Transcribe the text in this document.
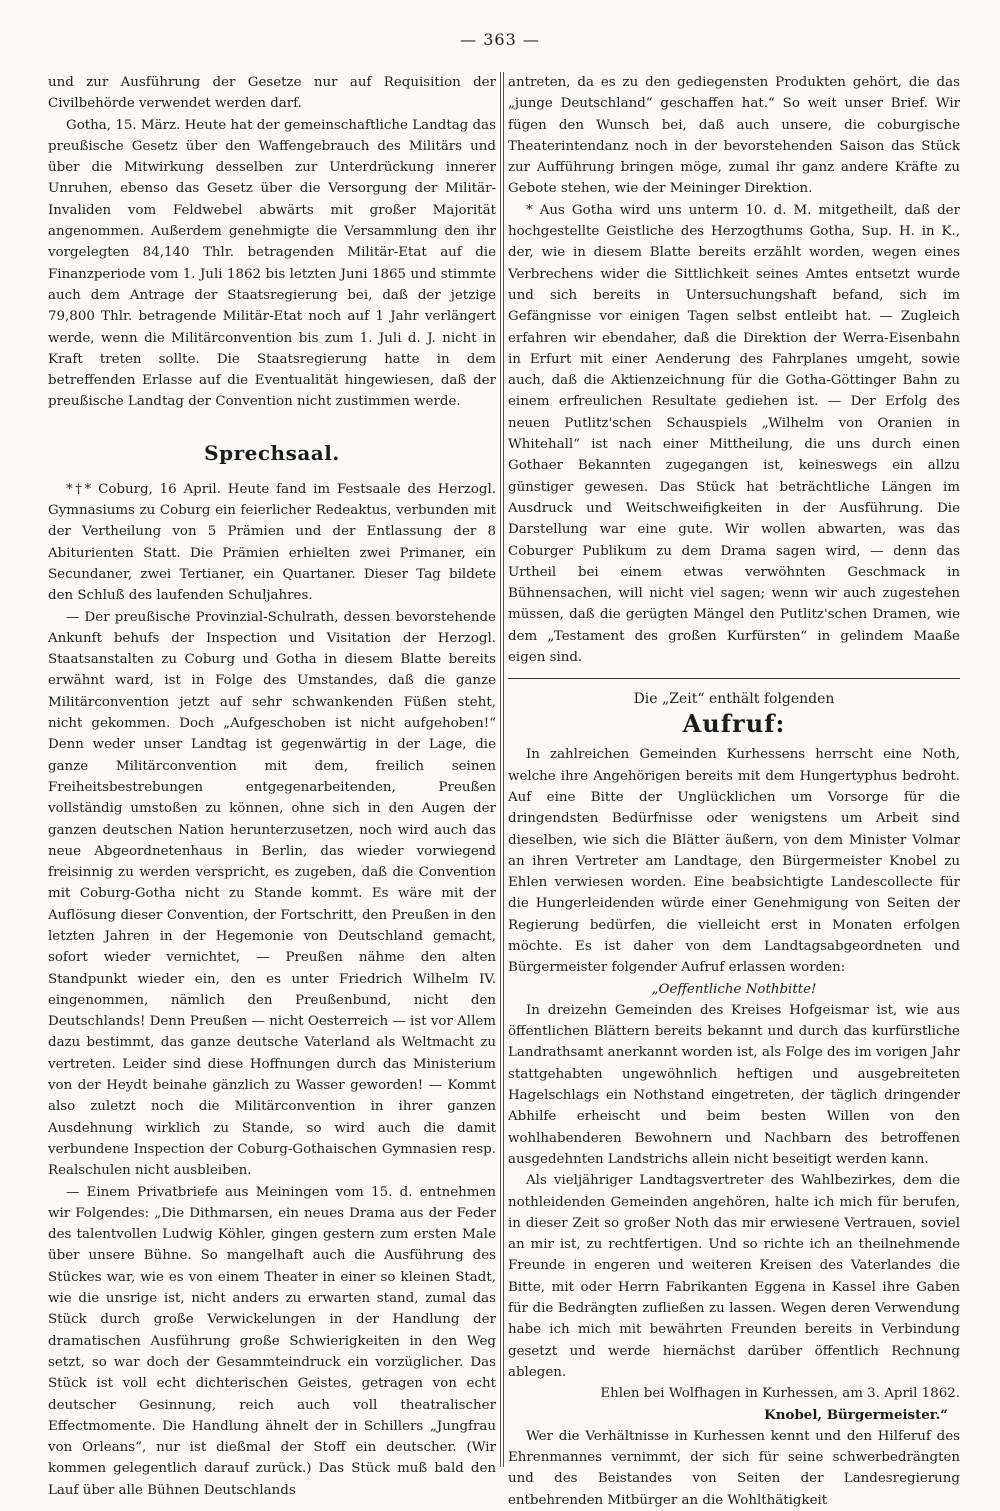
— 363 —

und zur Ausführung der Gesetze nur auf Requisition der Civilbehörde verwendet werden darf.

Gotha, 15. März. Heute hat der gemeinschaftliche Landtag das preußische Gesetz über den Waffengebrauch des Militärs und über die Mitwirkung desselben zur Unterdrückung innerer Unruhen, ebenso das Gesetz über die Versorgung der Militär-Invaliden vom Feldwebel abwärts mit großer Majorität angenommen. Außerdem genehmigte die Versammlung den ihr vorgelegten 84,140 Thlr. betragenden Militär-Etat auf die Finanzperiode vom 1. Juli 1862 bis letzten Juni 1865 und stimmte auch dem Antrage der Staatsregierung bei, daß der jetzige 79,800 Thlr. betragende Militär-Etat noch auf 1 Jahr verlängert werde, wenn die Militärconvention bis zum 1. Juli d. J. nicht in Kraft treten sollte. Die Staatsregierung hatte in dem betreffenden Erlasse auf die Eventualität hingewiesen, daß der preußische Landtag der Convention nicht zustimmen werde.

Sprechsaal.

*†* Coburg, 16 April. Heute fand im Festsaale des Herzogl. Gymnasiums zu Coburg ein feierlicher Redeaktus, verbunden mit der Vertheilung von 5 Prämien und der Entlassung der 8 Abiturienten Statt. Die Prämien erhielten zwei Primaner, ein Secundaner, zwei Tertianer, ein Quartaner. Dieser Tag bildete den Schluß des laufenden Schuljahres.

— Der preußische Provinzial-Schulrath, dessen bevorstehende Ankunft behufs der Inspection und Visitation der Herzogl. Staatsanstalten zu Coburg und Gotha in diesem Blatte bereits erwähnt ward, ist in Folge des Umstandes, daß die ganze Militärconvention jetzt auf sehr schwankenden Füßen steht, nicht gekommen. Doch „Aufgeschoben ist nicht aufgehoben!“ Denn weder unser Landtag ist gegenwärtig in der Lage, die ganze Militärconvention mit dem, freilich seinen Freiheitsbestrebungen entgegenarbeitenden, Preußen vollständig umstoßen zu können, ohne sich in den Augen der ganzen deutschen Nation herunterzusetzen, noch wird auch das neue Abgeordnetenhaus in Berlin, das wieder vorwiegend freisinnig zu werden verspricht, es zugeben, daß die Convention mit Coburg-Gotha nicht zu Stande kommt. Es wäre mit der Auflösung dieser Convention, der Fortschritt, den Preußen in den letzten Jahren in der Hegemonie von Deutschland gemacht, sofort wieder vernichtet, — Preußen nähme den alten Standpunkt wieder ein, den es unter Friedrich Wilhelm IV. eingenommen, nämlich den Preußenbund, nicht den Deutschlands! Denn Preußen — nicht Oesterreich — ist vor Allem dazu bestimmt, das ganze deutsche Vaterland als Weltmacht zu vertreten. Leider sind diese Hoffnungen durch das Ministerium von der Heydt beinahe gänzlich zu Wasser geworden! — Kommt also zuletzt noch die Militärconvention in ihrer ganzen Ausdehnung wirklich zu Stande, so wird auch die damit verbundene Inspection der Coburg-Gothaischen Gymnasien resp. Realschulen nicht ausbleiben.

— Einem Privatbriefe aus Meiningen vom 15. d. entnehmen wir Folgendes: „Die Dithmarsen, ein neues Drama aus der Feder des talentvollen Ludwig Köhler, gingen gestern zum ersten Male über unsere Bühne. So mangelhaft auch die Ausführung des Stückes war, wie es von einem Theater in einer so kleinen Stadt, wie die unsrige ist, nicht anders zu erwarten stand, zumal das Stück durch große Verwickelungen in der Handlung der dramatischen Ausführung große Schwierigkeiten in den Weg setzt, so war doch der Gesammteindruck ein vorzüglicher. Das Stück ist voll echt dichterischen Geistes, getragen von echt deutscher Gesinnung, reich auch voll theatralischer Effectmomente. Die Handlung ähnelt der in Schillers „Jungfrau von Orleans“, nur ist dießmal der Stoff ein deutscher. (Wir kommen gelegentlich darauf zurück.) Das Stück muß bald den Lauf über alle Bühnen Deutschlands

antreten, da es zu den gediegensten Produkten gehört, die das „junge Deutschland“ geschaffen hat.“ So weit unser Brief. Wir fügen den Wunsch bei, daß auch unsere, die coburgische Theaterintendanz noch in der bevorstehenden Saison das Stück zur Aufführung bringen möge, zumal ihr ganz andere Kräfte zu Gebote stehen, wie der Meininger Direktion.

* Aus Gotha wird uns unterm 10. d. M. mitgetheilt, daß der hochgestellte Geistliche des Herzogthums Gotha, Sup. H. in K., der, wie in diesem Blatte bereits erzählt worden, wegen eines Verbrechens wider die Sittlichkeit seines Amtes entsetzt wurde und sich bereits in Untersuchungshaft befand, sich im Gefängnisse vor einigen Tagen selbst entleibt hat. — Zugleich erfahren wir ebendaher, daß die Direktion der Werra-Eisenbahn in Erfurt mit einer Aenderung des Fahrplanes umgeht, sowie auch, daß die Aktienzeichnung für die Gotha-Göttinger Bahn zu einem erfreulichen Resultate gediehen ist. — Der Erfolg des neuen Putlitz'schen Schauspiels „Wilhelm von Oranien in Whitehall“ ist nach einer Mittheilung, die uns durch einen Gothaer Bekannten zugegangen ist, keineswegs ein allzu günstiger gewesen. Das Stück hat beträchtliche Längen im Ausdruck und Weitschweifigkeiten in der Ausführung. Die Darstellung war eine gute. Wir wollen abwarten, was das Coburger Publikum zu dem Drama sagen wird, — denn das Urtheil bei einem etwas verwöhnten Geschmack in Bühnensachen, will nicht viel sagen; wenn wir auch zugestehen müssen, daß die gerügten Mängel den Putlitz'schen Dramen, wie dem „Testament des großen Kurfürsten“ in gelindem Maaße eigen sind.

Die „Zeit“ enthält folgenden
Aufruf:

In zahlreichen Gemeinden Kurhessens herrscht eine Noth, welche ihre Angehörigen bereits mit dem Hungertyphus bedroht. Auf eine Bitte der Unglücklichen um Vorsorge für die dringendsten Bedürfnisse oder wenigstens um Arbeit sind dieselben, wie sich die Blätter äußern, von dem Minister Volmar an ihren Vertreter am Landtage, den Bürgermeister Knobel zu Ehlen verwiesen worden. Eine beabsichtigte Landescollecte für die Hungerleidenden würde einer Genehmigung von Seiten der Regierung bedürfen, die vielleicht erst in Monaten erfolgen möchte. Es ist daher von dem Landtagsabgeordneten und Bürgermeister folgender Aufruf erlassen worden:

„Oeffentliche Nothbitte!

In dreizehn Gemeinden des Kreises Hofgeismar ist, wie aus öffentlichen Blättern bereits bekannt und durch das kurfürstliche Landrathsamt anerkannt worden ist, als Folge des im vorigen Jahr stattgehabten ungewöhnlich heftigen und ausgebreiteten Hagelschlags ein Nothstand eingetreten, der täglich dringender Abhilfe erheischt und beim besten Willen von den wohlhabenderen Bewohnern und Nachbarn des betroffenen ausgedehnten Landstrichs allein nicht beseitigt werden kann.

Als vieljähriger Landtagsvertreter des Wahlbezirkes, dem die nothleidenden Gemeinden angehören, halte ich mich für berufen, in dieser Zeit so großer Noth das mir erwiesene Vertrauen, soviel an mir ist, zu rechtfertigen. Und so richte ich an theilnehmende Freunde in engeren und weiteren Kreisen des Vaterlandes die Bitte, mit oder Herrn Fabrikanten Eggena in Kassel ihre Gaben für die Bedrängten zufließen zu lassen. Wegen deren Verwendung habe ich mich mit bewährten Freunden bereits in Verbindung gesetzt und werde hiernächst darüber öffentlich Rechnung ablegen.

Ehlen bei Wolfhagen in Kurhessen, am 3. April 1862.

Knobel, Bürgermeister.“

Wer die Verhältnisse in Kurhessen kennt und den Hilferuf des Ehrenmannes vernimmt, der sich für seine schwerbedrängten und des Beistandes von Seiten der Landesregierung entbehrenden Mitbürger an die Wohlthätigkeit
